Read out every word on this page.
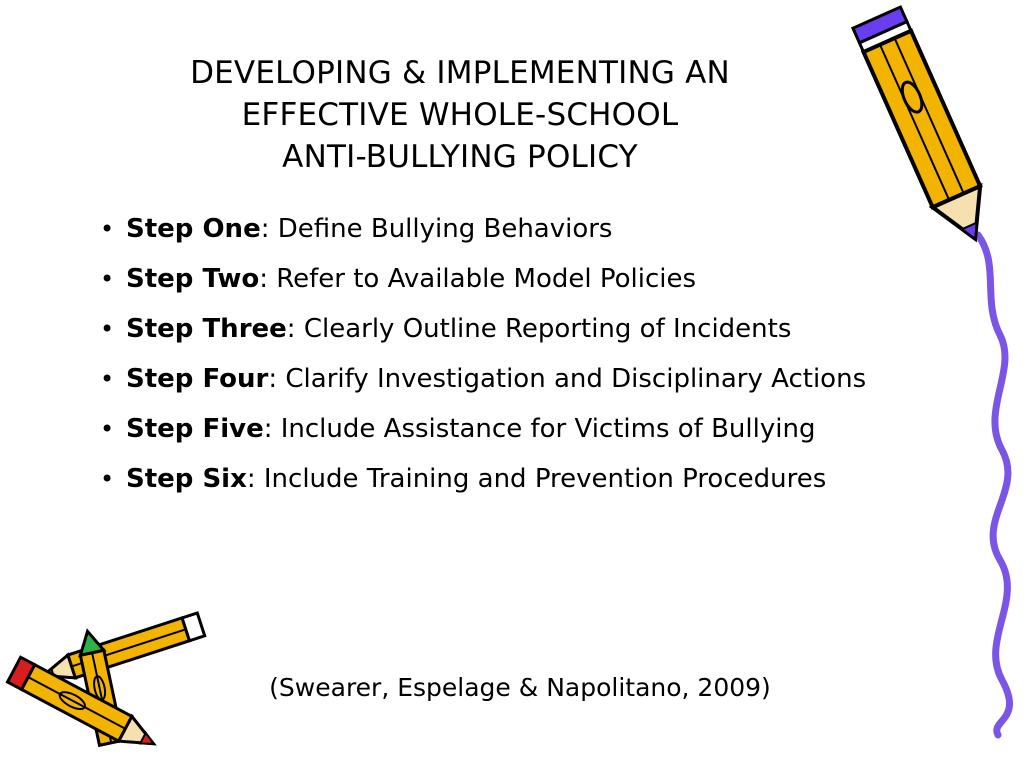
DEVELOPING & IMPLEMENTING AN
EFFECTIVE WHOLE-SCHOOL
ANTI-BULLYING POLICY
• Step One: Define Bullying Behaviors
• Step Two: Refer to Available Model Policies
• Step Three: Clearly Outline Reporting of Incidents
• Step Four: Clarify Investigation and Disciplinary Actions
• Step Five: Include Assistance for Victims of Bullying
• Step Six: Include Training and Prevention Procedures

(Swearer, Espelage & Napolitano, 2009)
